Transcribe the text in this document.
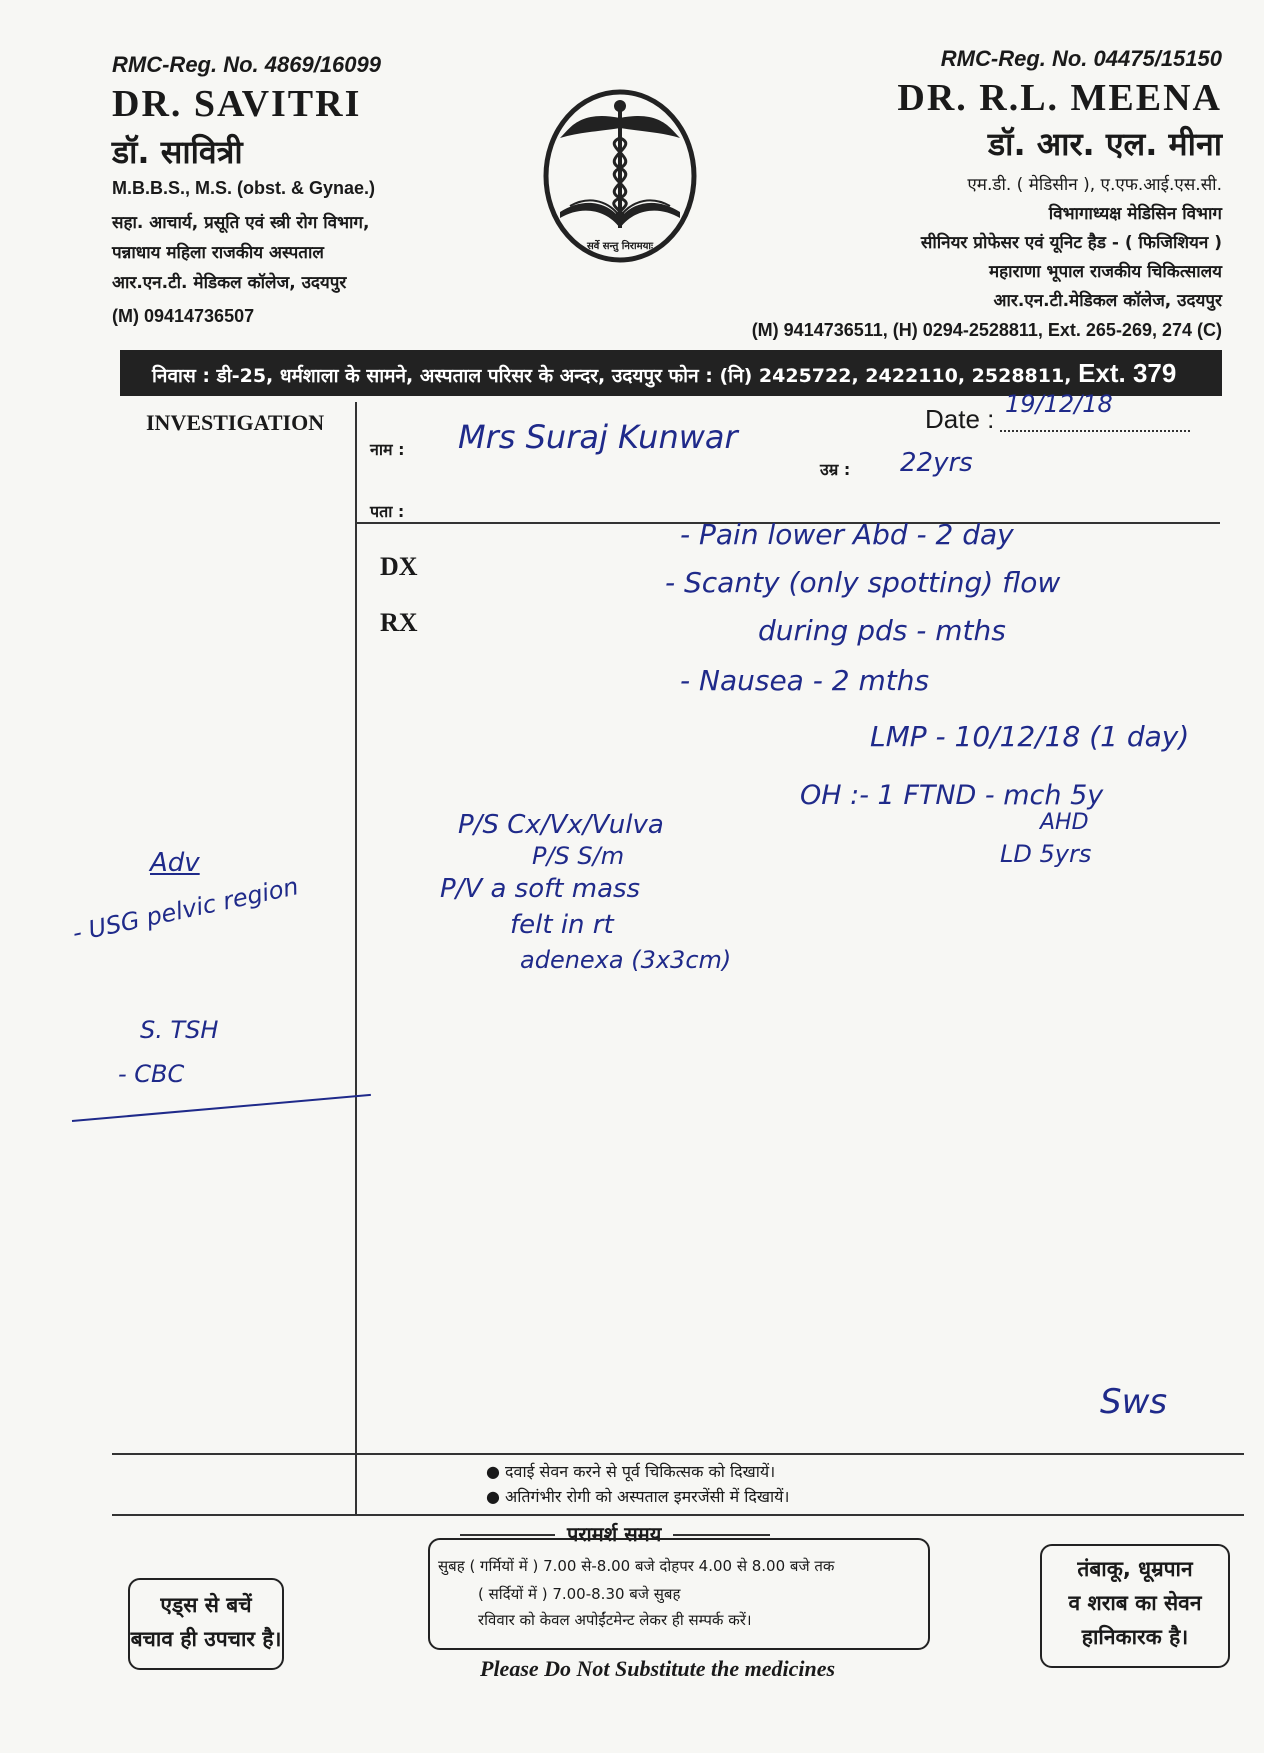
RMC-Reg. No. 4869/16099
DR. SAVITRI
डॉ. सावित्री
M.B.B.S., M.S. (obst. & Gynae.)
सहा. आचार्य, प्रसूति एवं स्त्री रोग विभाग,
पन्नाधाय महिला राजकीय अस्पताल
आर.एन.टी. मेडिकल कॉलेज, उदयपुर
(M) 09414736507
सर्वे सन्तु निरामयाः
RMC-Reg. No. 04475/15150
DR. R.L. MEENA
डॉ. आर. एल. मीना
एम.डी. ( मेडिसीन ), ए.एफ.आई.एस.सी.
विभागाध्यक्ष मेडिसिन विभाग
सीनियर प्रोफेसर एवं यूनिट हैड - ( फिजिशियन )
महाराणा भूपाल राजकीय चिकित्सालय
आर.एन.टी.मेडिकल कॉलेज, उदयपुर
(M) 9414736511, (H) 0294-2528811, Ext. 265-269, 274 (C)
निवास : डी-25, धर्मशाला के सामने, अस्पताल परिसर के अन्दर, उदयपुर फोन : (नि) 2425722, 2422110, 2528811, Ext. 379
INVESTIGATION
नाम :
उम्र :
पता :
Date :
DX
RX
19/12/18
Mrs Suraj Kunwar
22yrs
- Pain lower Abd - 2 day
- Scanty (only spotting) flow
during pds - mths
- Nausea - 2 mths
LMP - 10/12/18 (1 day)
OH :- 1 FTND - mch 5y
AHD
LD 5yrs
P/S Cx/Vx/Vulva
P/S S/m
P/V a soft mass
felt in rt
adenexa (3x3cm)
Adv
- USG pelvic region
S. TSH
- CBC
Sws
● दवाई सेवन करने से पूर्व चिकित्सक को दिखायें।
● अतिगंभीर रोगी को अस्पताल इमरजेंसी में दिखायें।
परामर्श समय
सुबह ( गर्मियों में ) 7.00 से-8.00 बजे दोहपर 4.00 से 8.00 बजे तक
( सर्दियों में ) 7.00-8.30 बजे सुबह
रविवार को केवल अपोईंटमेन्ट लेकर ही सम्पर्क करें।
एड्स से बचें
बचाव ही उपचार है।
तंबाकू, धूम्रपान
व शराब का सेवन
हानिकारक है।
Please Do Not Substitute the medicines
